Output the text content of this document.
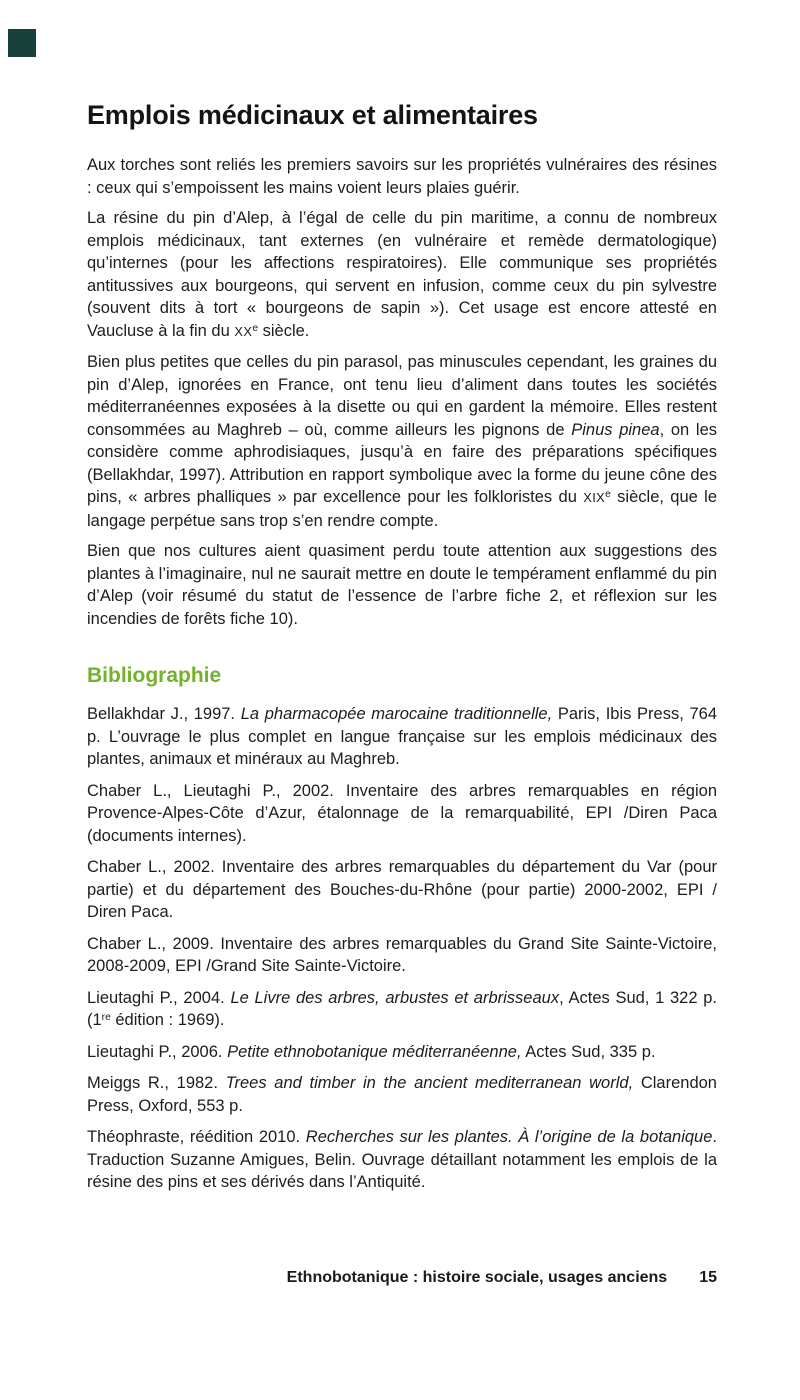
Emplois médicinaux et alimentaires

Aux torches sont reliés les premiers savoirs sur les propriétés vulnéraires des résines : ceux qui s’empoissent les mains voient leurs plaies guérir.

La résine du pin d’Alep, à l’égal de celle du pin maritime, a connu de nombreux emplois médicinaux, tant externes (en vulnéraire et remède dermatologique) qu’internes (pour les affections respiratoires). Elle communique ses propriétés antitussives aux bourgeons, qui servent en infusion, comme ceux du pin sylvestre (souvent dits à tort « bourgeons de sapin »). Cet usage est encore attesté en Vaucluse à la fin du XXe siècle.

Bien plus petites que celles du pin parasol, pas minuscules cependant, les graines du pin d’Alep, ignorées en France, ont tenu lieu d’aliment dans toutes les sociétés méditerranéennes exposées à la disette ou qui en gardent la mémoire. Elles restent consommées au Maghreb – où, comme ailleurs les pignons de Pinus pinea, on les considère comme aphrodisiaques, jusqu’à en faire des préparations spécifiques (Bellakhdar, 1997). Attribution en rapport symbolique avec la forme du jeune cône des pins, « arbres phalliques » par excellence pour les folkloristes du XIXe siècle, que le langage perpétue sans trop s’en rendre compte.

Bien que nos cultures aient quasiment perdu toute attention aux suggestions des plantes à l’imaginaire, nul ne saurait mettre en doute le tempérament enflammé du pin d’Alep (voir résumé du statut de l’essence de l’arbre fiche 2, et réflexion sur les incendies de forêts fiche 10).

Bibliographie

Bellakhdar J., 1997. La pharmacopée marocaine traditionnelle, Paris, Ibis Press, 764 p. L’ouvrage le plus complet en langue française sur les emplois médicinaux des plantes, animaux et minéraux au Maghreb.

Chaber L., Lieutaghi P., 2002. Inventaire des arbres remarquables en région Provence-Alpes-Côte d’Azur, étalonnage de la remarquabilité, EPI /Diren Paca (documents internes).

Chaber L., 2002. Inventaire des arbres remarquables du département du Var (pour partie) et du département des Bouches-du-Rhône (pour partie) 2000-2002, EPI / Diren Paca.

Chaber L., 2009. Inventaire des arbres remarquables du Grand Site Sainte-Victoire, 2008-2009, EPI /Grand Site Sainte-Victoire.

Lieutaghi P., 2004. Le Livre des arbres, arbustes et arbrisseaux, Actes Sud, 1 322 p. (1re édition : 1969).

Lieutaghi P., 2006. Petite ethnobotanique méditerranéenne, Actes Sud, 335 p.

Meiggs R., 1982. Trees and timber in the ancient mediterranean world, Clarendon Press, Oxford, 553 p.

Théophraste, réédition 2010. Recherches sur les plantes. À l’origine de la botanique. Traduction Suzanne Amigues, Belin. Ouvrage détaillant notamment les emplois de la résine des pins et ses dérivés dans l’Antiquité.

Ethnobotanique : histoire sociale, usages anciens 15
